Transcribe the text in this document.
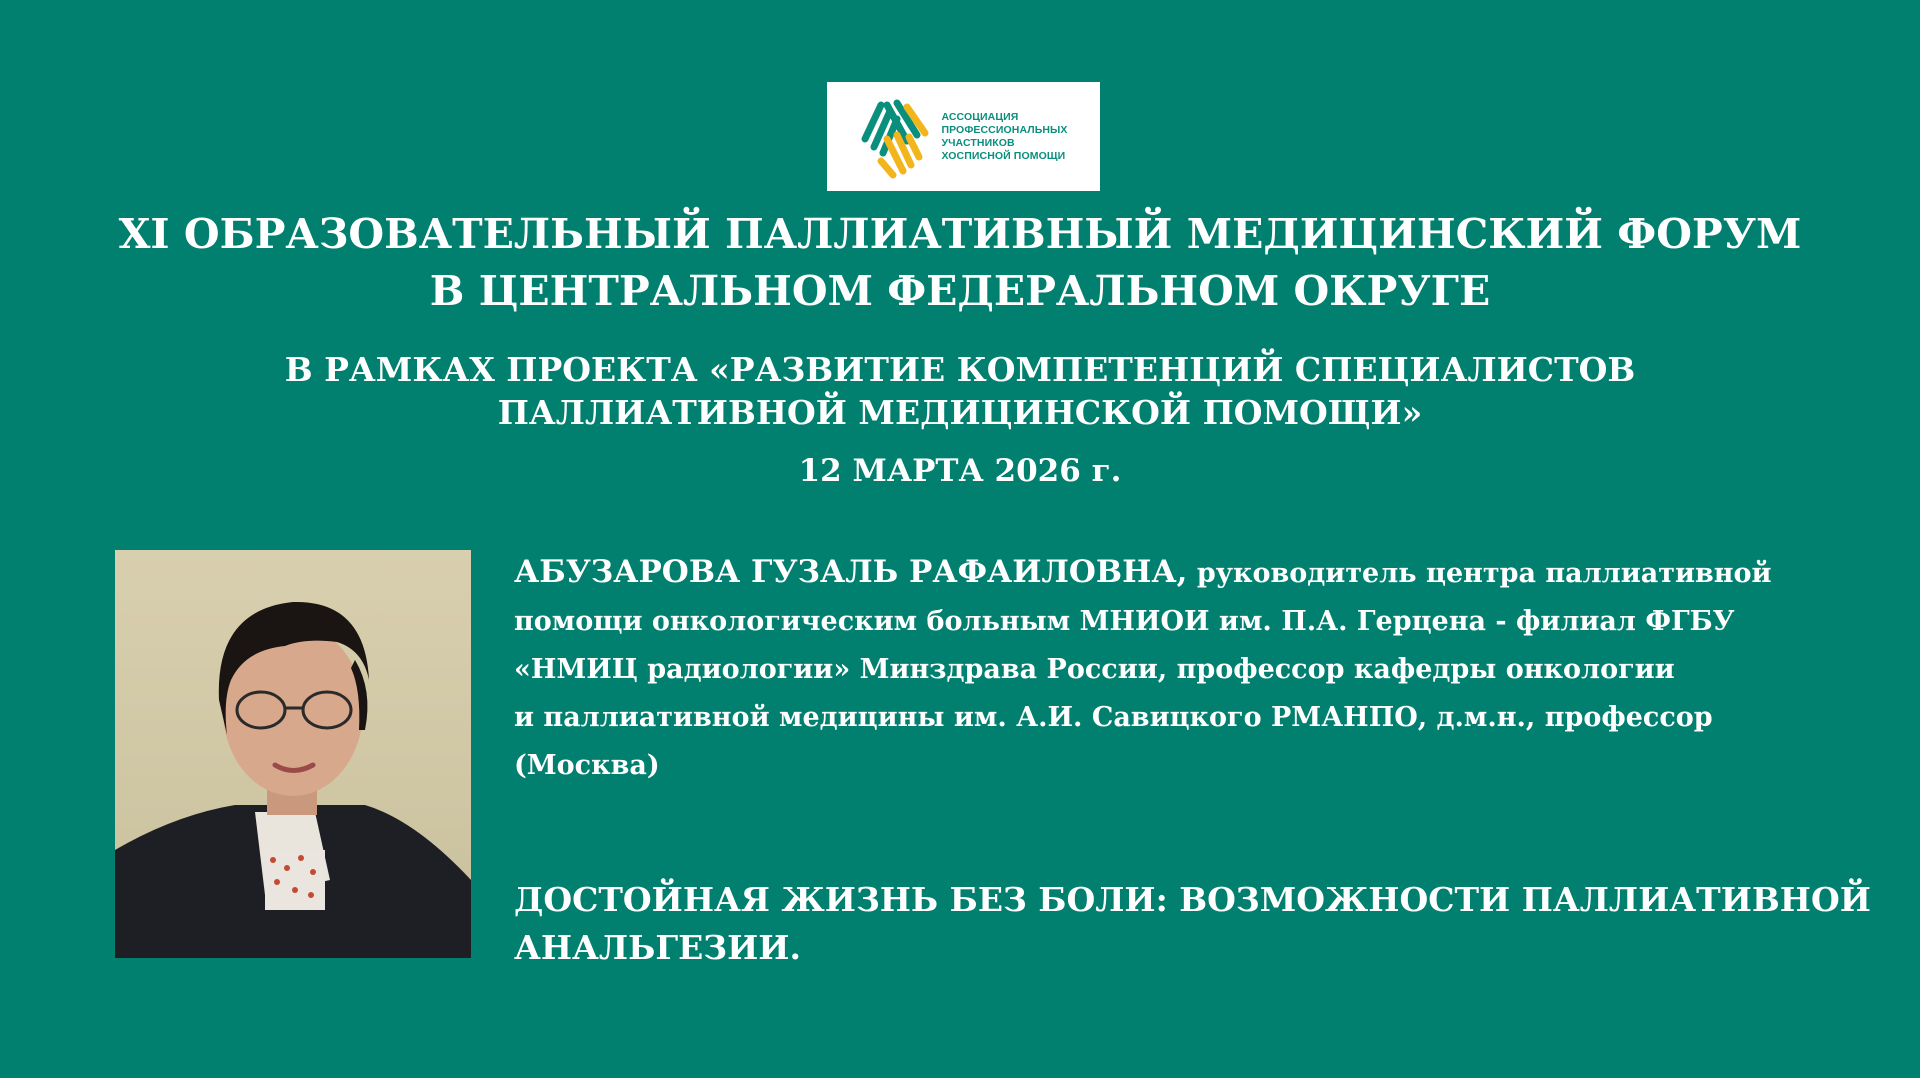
АССОЦИАЦИЯ
ПРОФЕССИОНАЛЬНЫХ
УЧАСТНИКОВ
ХОСПИСНОЙ ПОМОЩИ
XI ОБРАЗОВАТЕЛЬНЫЙ ПАЛЛИАТИВНЫЙ МЕДИЦИНСКИЙ ФОРУМ
В ЦЕНТРАЛЬНОМ ФЕДЕРАЛЬНОМ ОКРУГЕ
В РАМКАХ ПРОЕКТА «РАЗВИТИЕ КОМПЕТЕНЦИЙ СПЕЦИАЛИСТОВ
ПАЛЛИАТИВНОЙ МЕДИЦИНСКОЙ ПОМОЩИ»
12 МАРТА 2026 г.
АБУЗАРОВА ГУЗАЛЬ РАФАИЛОВНА, руководитель центра паллиативной
помощи онкологическим больным МНИОИ им. П.А. Герцена - филиал ФГБУ
«НМИЦ радиологии» Минздрава России, профессор кафедры онкологии
и паллиативной медицины им. А.И. Савицкого РМАНПО, д.м.н., профессор
(Москва)
ДОСТОЙНАЯ ЖИЗНЬ БЕЗ БОЛИ: ВОЗМОЖНОСТИ ПАЛЛИАТИВНОЙ
АНАЛЬГЕЗИИ.
